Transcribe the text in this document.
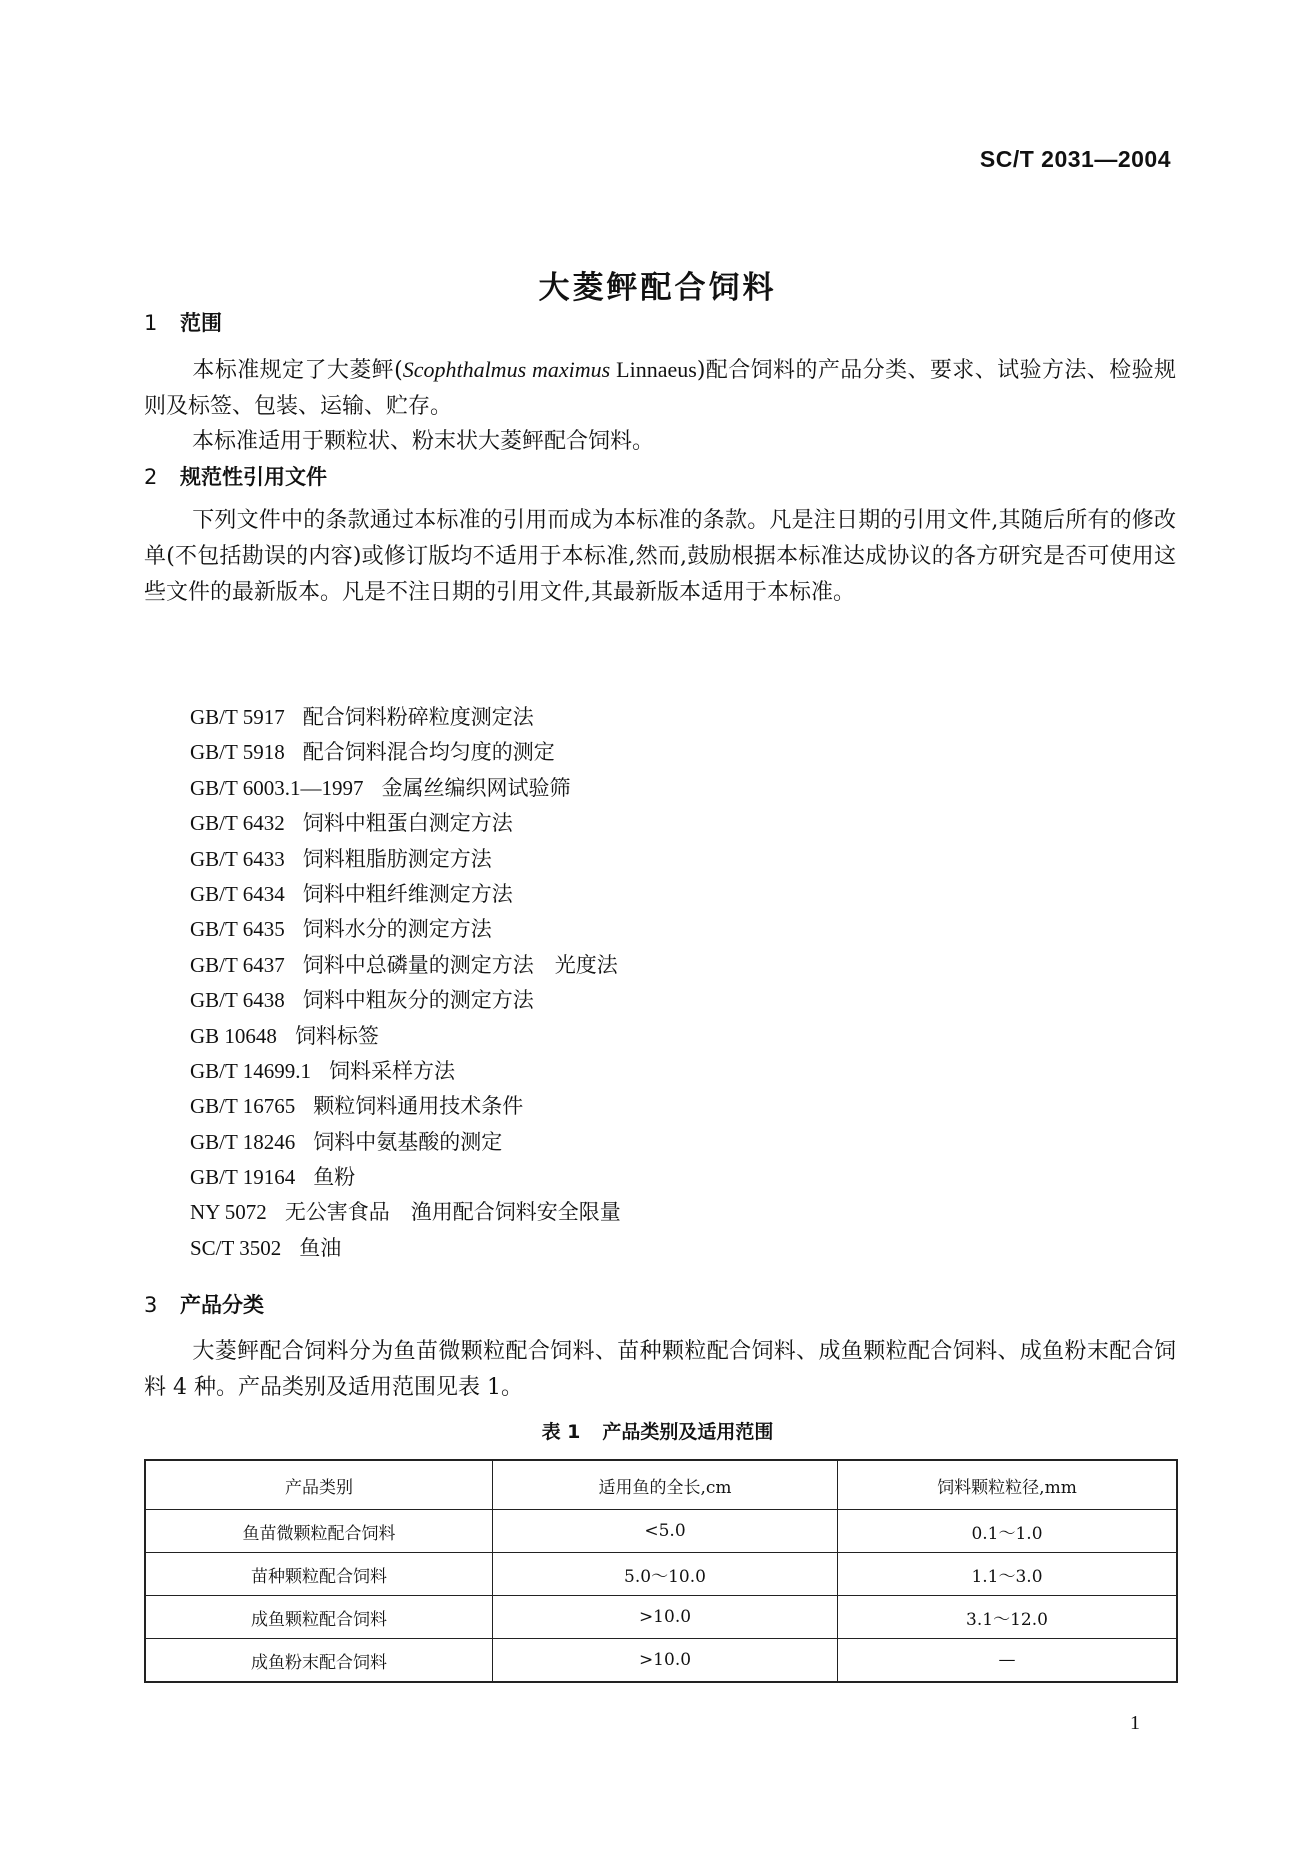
SC/T 2031—2004
大菱鲆配合饲料
1 范围
本标准规定了大菱鲆(Scophthalmus maximus Linnaeus)配合饲料的产品分类、要求、试验方法、检验规则及标签、包装、运输、贮存。
本标准适用于颗粒状、粉末状大菱鲆配合饲料。
2 规范性引用文件
下列文件中的条款通过本标准的引用而成为本标准的条款。凡是注日期的引用文件,其随后所有的修改单(不包括勘误的内容)或修订版均不适用于本标准,然而,鼓励根据本标准达成协议的各方研究是否可使用这些文件的最新版本。凡是不注日期的引用文件,其最新版本适用于本标准。
GB/T 5917 配合饲料粉碎粒度测定法
GB/T 5918 配合饲料混合均匀度的测定
GB/T 6003.1—1997 金属丝编织网试验筛
GB/T 6432 饲料中粗蛋白测定方法
GB/T 6433 饲料粗脂肪测定方法
GB/T 6434 饲料中粗纤维测定方法
GB/T 6435 饲料水分的测定方法
GB/T 6437 饲料中总磷量的测定方法　光度法
GB/T 6438 饲料中粗灰分的测定方法
GB 10648 饲料标签
GB/T 14699.1 饲料采样方法
GB/T 16765 颗粒饲料通用技术条件
GB/T 18246 饲料中氨基酸的测定
GB/T 19164 鱼粉
NY 5072 无公害食品　渔用配合饲料安全限量
SC/T 3502 鱼油
3 产品分类
大菱鲆配合饲料分为鱼苗微颗粒配合饲料、苗种颗粒配合饲料、成鱼颗粒配合饲料、成鱼粉末配合饲料 4 种。产品类别及适用范围见表 1。
表 1 产品类别及适用范围
产品类别	适用鱼的全长,cm	饲料颗粒粒径,mm
鱼苗微颗粒配合饲料	<5.0	0.1～1.0
苗种颗粒配合饲料	5.0～10.0	1.1～3.0
成鱼颗粒配合饲料	>10.0	3.1～12.0
成鱼粉末配合饲料	>10.0	—
1
